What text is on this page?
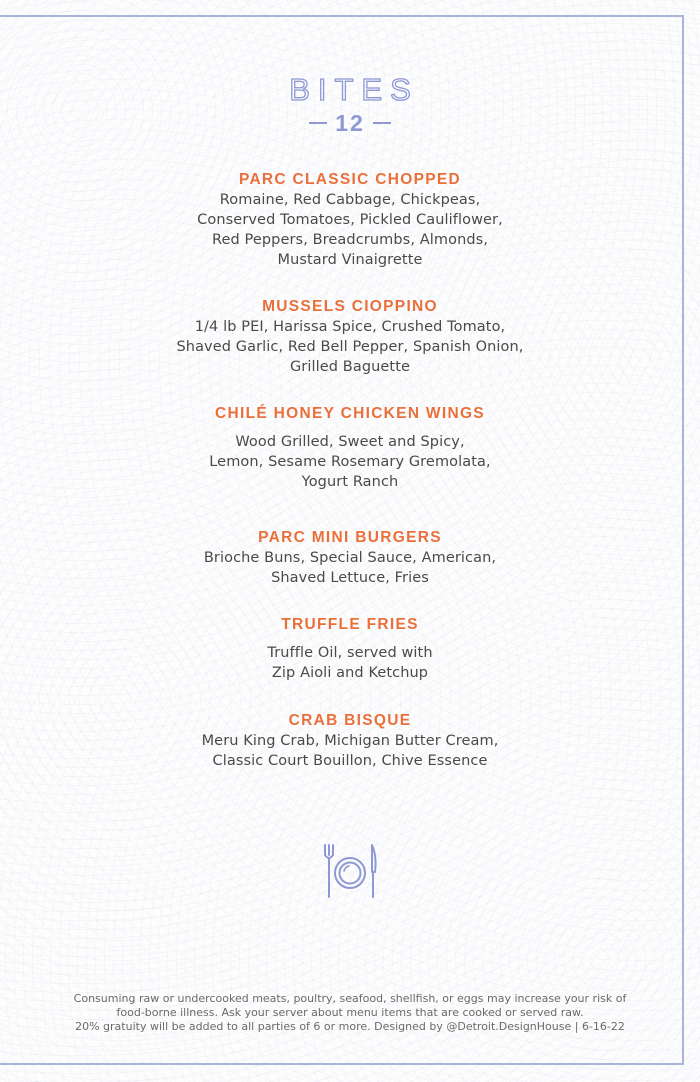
BITES
12
PARC CLASSIC CHOPPED
Romaine, Red Cabbage, Chickpeas,
Conserved Tomatoes, Pickled Cauliflower,
Red Peppers, Breadcrumbs, Almonds,
Mustard Vinaigrette
MUSSELS CIOPPINO
1/4 lb PEI, Harissa Spice, Crushed Tomato,
Shaved Garlic, Red Bell Pepper, Spanish Onion,
Grilled Baguette
CHILÉ HONEY CHICKEN WINGS
Wood Grilled, Sweet and Spicy,
Lemon, Sesame Rosemary Gremolata,
Yogurt Ranch
PARC MINI BURGERS
Brioche Buns, Special Sauce, American,
Shaved Lettuce, Fries
TRUFFLE FRIES
Truffle Oil, served with
Zip Aioli and Ketchup
CRAB BISQUE
Meru King Crab, Michigan Butter Cream,
Classic Court Bouillon, Chive Essence
Consuming raw or undercooked meats, poultry, seafood, shellfish, or eggs may increase your risk of
food-borne illness. Ask your server about menu items that are cooked or served raw.
20% gratuity will be added to all parties of 6 or more. Designed by @Detroit.DesignHouse | 6-16-22
